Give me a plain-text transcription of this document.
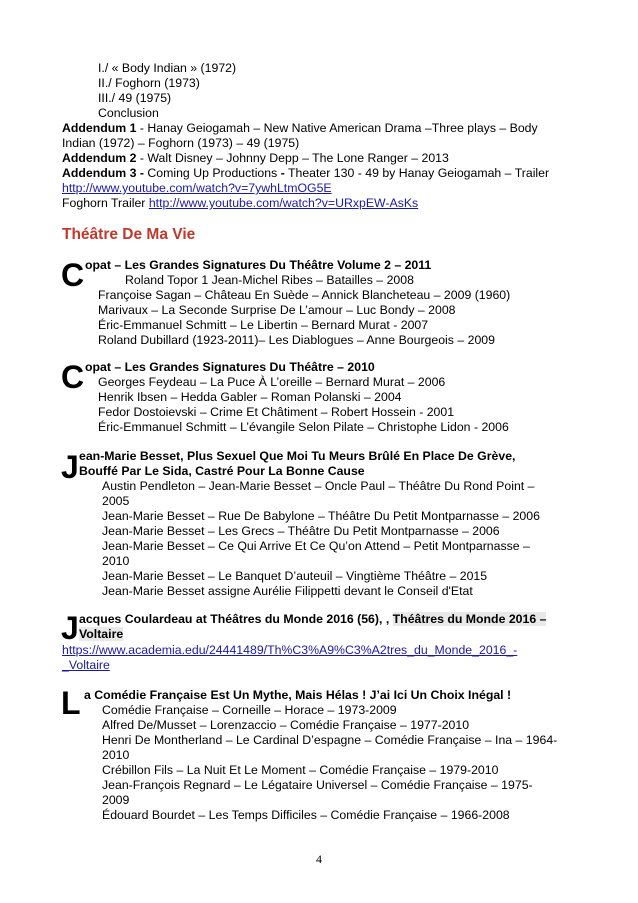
I./ « Body Indian » (1972)
II./ Foghorn (1973)
III./ 49 (1975)
Conclusion
Addendum 1 - Hanay Geiogamah – New Native American Drama –Three plays – Body
Indian (1972) – Foghorn (1973) – 49 (1975)
Addendum 2 - Walt Disney – Johnny Depp – The Lone Ranger – 2013
Addendum 3 - Coming Up Productions - Theater 130 - 49 by Hanay Geiogamah – Trailer
http://www.youtube.com/watch?v=7ywhLtmOG5E
Foghorn Trailer http://www.youtube.com/watch?v=URxpEW-AsKs
Théâtre De Ma Vie
C opat – Les Grandes Signatures Du Théâtre Volume 2 – 2011
Roland Topor 1 Jean-Michel Ribes – Batailles – 2008
Françoise Sagan – Château En Suède – Annick Blancheteau – 2009 (1960)
Marivaux – La Seconde Surprise De L’amour – Luc Bondy – 2008
Éric-Emmanuel Schmitt – Le Libertin – Bernard Murat - 2007
Roland Dubillard (1923-2011)– Les Diablogues – Anne Bourgeois – 2009
C opat – Les Grandes Signatures Du Théâtre – 2010
Georges Feydeau – La Puce À L’oreille – Bernard Murat – 2006
Henrik Ibsen – Hedda Gabler – Roman Polanski – 2004
Fedor Dostoievski – Crime Et Châtiment – Robert Hossein - 2001
Éric-Emmanuel Schmitt – L’évangile Selon Pilate – Christophe Lidon - 2006
J ean-Marie Besset, Plus Sexuel Que Moi Tu Meurs Brûlé En Place De Grève,
Bouffé Par Le Sida, Castré Pour La Bonne Cause
Austin Pendleton – Jean-Marie Besset – Oncle Paul – Théâtre Du Rond Point –
2005
Jean-Marie Besset – Rue De Babylone – Théâtre Du Petit Montparnasse – 2006
Jean-Marie Besset – Les Grecs – Théâtre Du Petit Montparnasse – 2006
Jean-Marie Besset – Ce Qui Arrive Et Ce Qu’on Attend – Petit Montparnasse –
2010
Jean-Marie Besset – Le Banquet D’auteuil – Vingtième Théâtre – 2015
Jean-Marie Besset assigne Aurélie Filippetti devant le Conseil d'Etat
J acques Coulardeau at Théâtres du Monde 2016 (56), , Théâtres du Monde 2016 –
Voltaire
https://www.academia.edu/24441489/Th%C3%A9%C3%A2tres_du_Monde_2016_-
_Voltaire
L a Comédie Française Est Un Mythe, Mais Hélas ! J’ai Ici Un Choix Inégal !
Comédie Française – Corneille – Horace – 1973-2009
Alfred De/Musset – Lorenzaccio – Comédie Française – 1977-2010
Henri De Montherland – Le Cardinal D’espagne – Comédie Française – Ina – 1964-
2010
Crébillon Fils – La Nuit Et Le Moment – Comédie Française – 1979-2010
Jean-François Regnard – Le Légataire Universel – Comédie Française – 1975-
2009
Édouard Bourdet – Les Temps Difficiles – Comédie Française – 1966-2008
4
